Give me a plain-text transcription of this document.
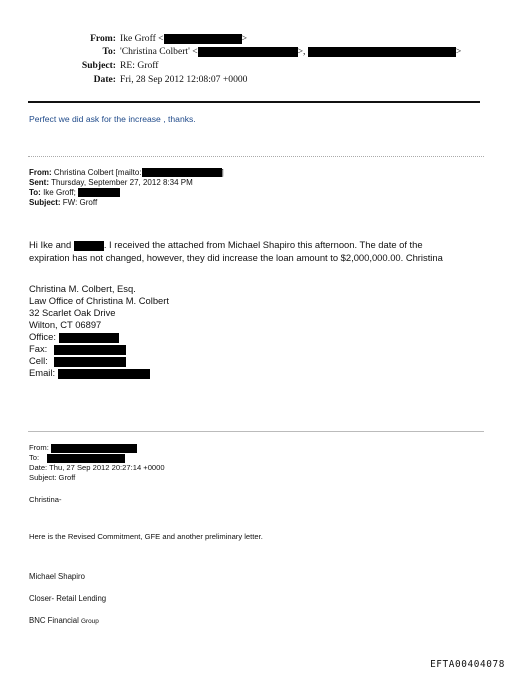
From: Ike Groff <	>
To: 'Christina Colbert' <	>,	>
Subject: RE: Groff
Date: Fri, 28 Sep 2012 12:08:07 +0000
Perfect we did ask for the increase , thanks.
From: Christina Colbert [mailto:	]
Sent: Thursday, September 27, 2012 8:34 PM
To: Ike Groff;
Subject: FW: Groff
Hi Ike and	. I received the attached from Michael Shapiro this afternoon. The date of the
expiration has not changed, however, they did increase the loan amount to $2,000,000.00. Christina
Christina M. Colbert, Esq.
Law Office of Christina M. Colbert
32 Scarlet Oak Drive
Wilton, CT 06897
Office:
Fax:
Cell:
Email:
From:
To:
Date: Thu, 27 Sep 2012 20:27:14 +0000
Subject: Groff
Christina-
Here is the Revised Commitment, GFE and another preliminary letter.
Michael Shapiro
Closer- Retail Lending
BNC Financial Group
EFTA00404078
